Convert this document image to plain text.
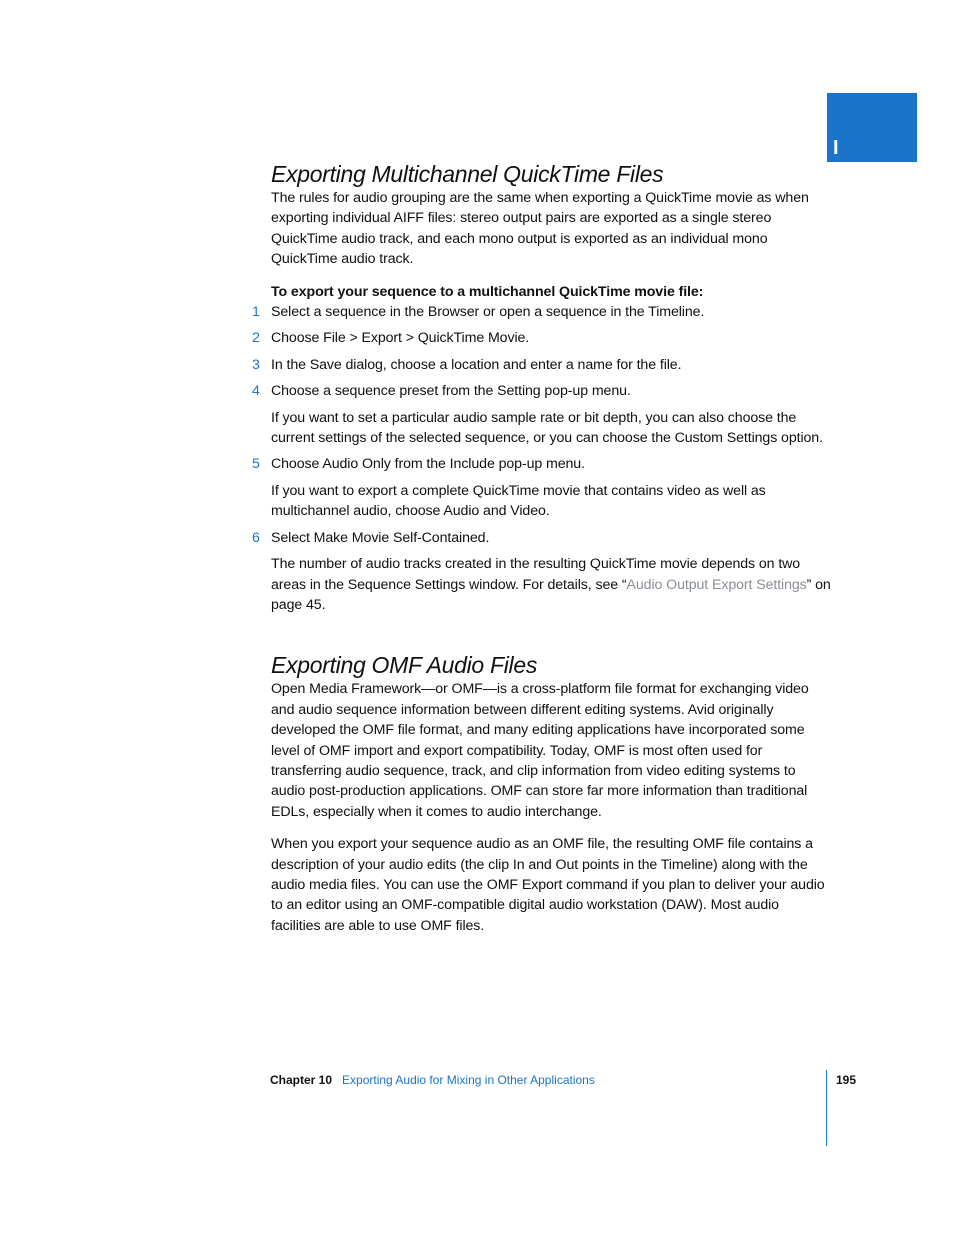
I
Exporting Multichannel QuickTime Files

The rules for audio grouping are the same when exporting a QuickTime movie as when exporting individual AIFF files: stereo output pairs are exported as a single stereo QuickTime audio track, and each mono output is exported as an individual mono QuickTime audio track.

To export your sequence to a multichannel QuickTime movie file:

1 Select a sequence in the Browser or open a sequence in the Timeline.

2 Choose File > Export > QuickTime Movie.

3 In the Save dialog, choose a location and enter a name for the file.

4 Choose a sequence preset from the Setting pop-up menu.

If you want to set a particular audio sample rate or bit depth, you can also choose the current settings of the selected sequence, or you can choose the Custom Settings option.

5 Choose Audio Only from the Include pop-up menu.

If you want to export a complete QuickTime movie that contains video as well as multichannel audio, choose Audio and Video.

6 Select Make Movie Self-Contained.

The number of audio tracks created in the resulting QuickTime movie depends on two areas in the Sequence Settings window. For details, see “Audio Output Export Settings” on page 45.

Exporting OMF Audio Files

Open Media Framework—or OMF—is a cross-platform file format for exchanging video and audio sequence information between different editing systems. Avid originally developed the OMF file format, and many editing applications have incorporated some level of OMF import and export compatibility. Today, OMF is most often used for transferring audio sequence, track, and clip information from video editing systems to audio post-production applications. OMF can store far more information than traditional EDLs, especially when it comes to audio interchange.

When you export your sequence audio as an OMF file, the resulting OMF file contains a description of your audio edits (the clip In and Out points in the Timeline) along with the audio media files. You can use the OMF Export command if you plan to deliver your audio to an editor using an OMF-compatible digital audio workstation (DAW). Most audio facilities are able to use OMF files.

Chapter 10 Exporting Audio for Mixing in Other Applications	195
